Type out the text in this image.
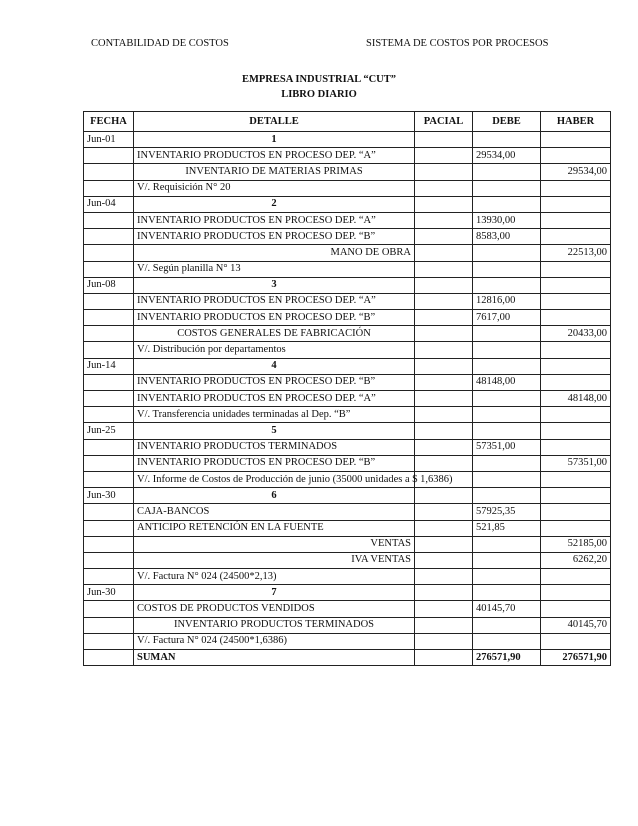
CONTABILIDAD DE COSTOS	SISTEMA DE COSTOS POR PROCESOS
EMPRESA INDUSTRIAL “CUT”
LIBRO DIARIO
FECHA	DETALLE	PACIAL	DEBE	HABER
Jun-01	1			
	INVENTARIO PRODUCTOS EN PROCESO DEP. “A”		29534,00	
	INVENTARIO DE MATERIAS PRIMAS			29534,00
	V/. Requisición N° 20			
Jun-04	2			
	INVENTARIO PRODUCTOS EN PROCESO DEP. “A”		13930,00	
	INVENTARIO PRODUCTOS EN PROCESO DEP. “B”		8583,00	
	MANO DE OBRA			22513,00
	V/. Según planilla N° 13			
Jun-08	3			
	INVENTARIO PRODUCTOS EN PROCESO DEP. “A”		12816,00	
	INVENTARIO PRODUCTOS EN PROCESO DEP. “B”		7617,00	
	COSTOS GENERALES DE FABRICACIÓN			20433,00
	V/. Distribución por departamentos			
Jun-14	4			
	INVENTARIO PRODUCTOS EN PROCESO DEP. “B”		48148,00	
	INVENTARIO PRODUCTOS EN PROCESO DEP. “A”			48148,00
	V/. Transferencia unidades terminadas al Dep. “B”			
Jun-25	5			
	INVENTARIO PRODUCTOS TERMINADOS		57351,00	
	INVENTARIO PRODUCTOS EN PROCESO DEP. “B”			57351,00
	V/. Informe de Costos de Producción de junio (35000 unidades a $ 1,6386)			
Jun-30	6			
	CAJA-BANCOS		57925,35	
	ANTICIPO RETENCIÓN EN LA FUENTE		521,85	
	VENTAS			52185,00
	IVA VENTAS			6262,20
	V/. Factura N° 024 (24500*2,13)			
Jun-30	7			
	COSTOS DE PRODUCTOS VENDIDOS		40145,70	
	INVENTARIO PRODUCTOS TERMINADOS			40145,70
	V/. Factura N° 024 (24500*1,6386)			
	SUMAN		276571,90	276571,90
